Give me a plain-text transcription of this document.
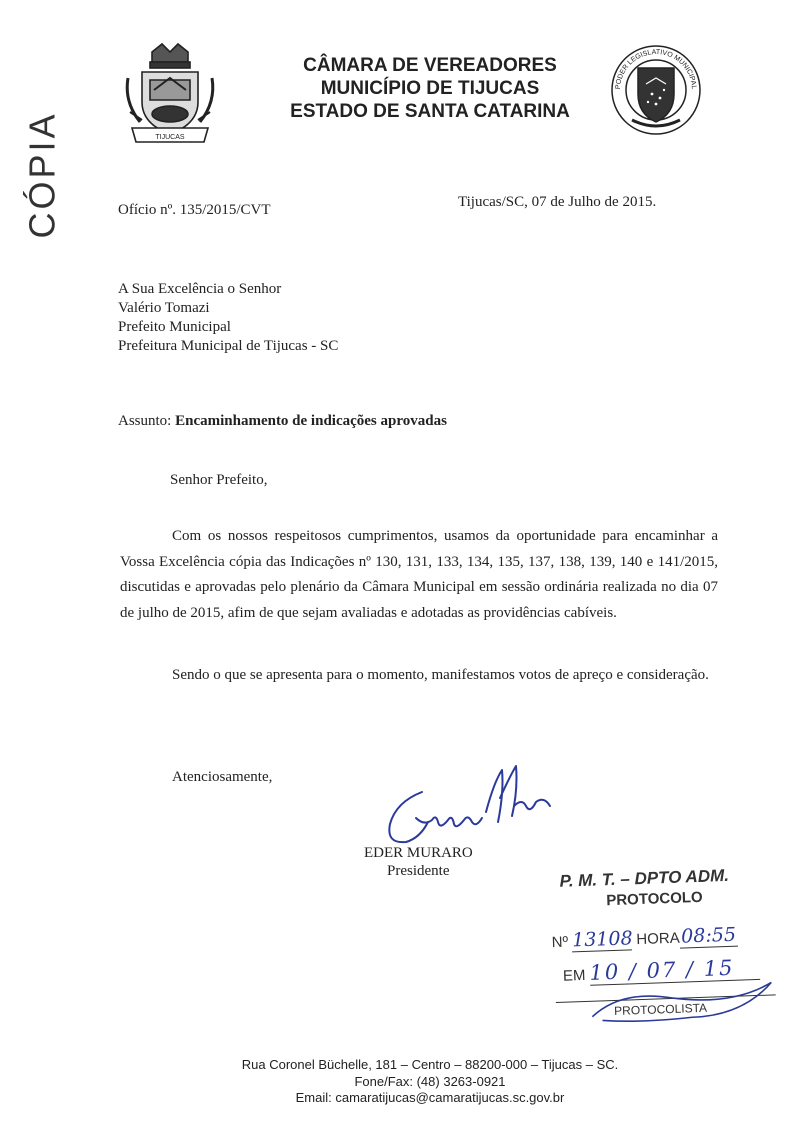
TIJUCAS
CÂMARA DE VEREADORES
MUNICÍPIO DE TIJUCAS
ESTADO DE SANTA CATARINA
PODER LEGISLATIVO MUNICIPAL
CÓPIA	Ofício nº. 135/2015/CVT	Tijucas/SC, 07 de Julho de 2015.
A Sua Excelência o Senhor
Valério Tomazi
Prefeito Municipal
Prefeitura Municipal de Tijucas - SC
Assunto: Encaminhamento de indicações aprovadas
Senhor Prefeito,
Com os nossos respeitosos cumprimentos, usamos da oportunidade para encaminhar a Vossa Excelência cópia das Indicações nº 130, 131, 133, 134, 135, 137, 138, 139, 140 e 141/2015, discutidas e aprovadas pelo plenário da Câmara Municipal em sessão ordinária realizada no dia 07 de julho de 2015, afim de que sejam avaliadas e adotadas as providências cabíveis.
Sendo o que se apresenta para o momento, manifestamos votos de apreço e consideração.
Atenciosamente,
EDER MURARO
Presidente	P. M. T. – DPTO ADM.
PROTOCOLO
Nº 13108 HORA08:55
EM 10 / 07 / 15
PROTOCOLISTA
Rua Coronel Büchelle, 181 – Centro – 88200-000 – Tijucas – SC.
Fone/Fax: (48) 3263-0921
Email: camaratijucas@camaratijucas.sc.gov.br
